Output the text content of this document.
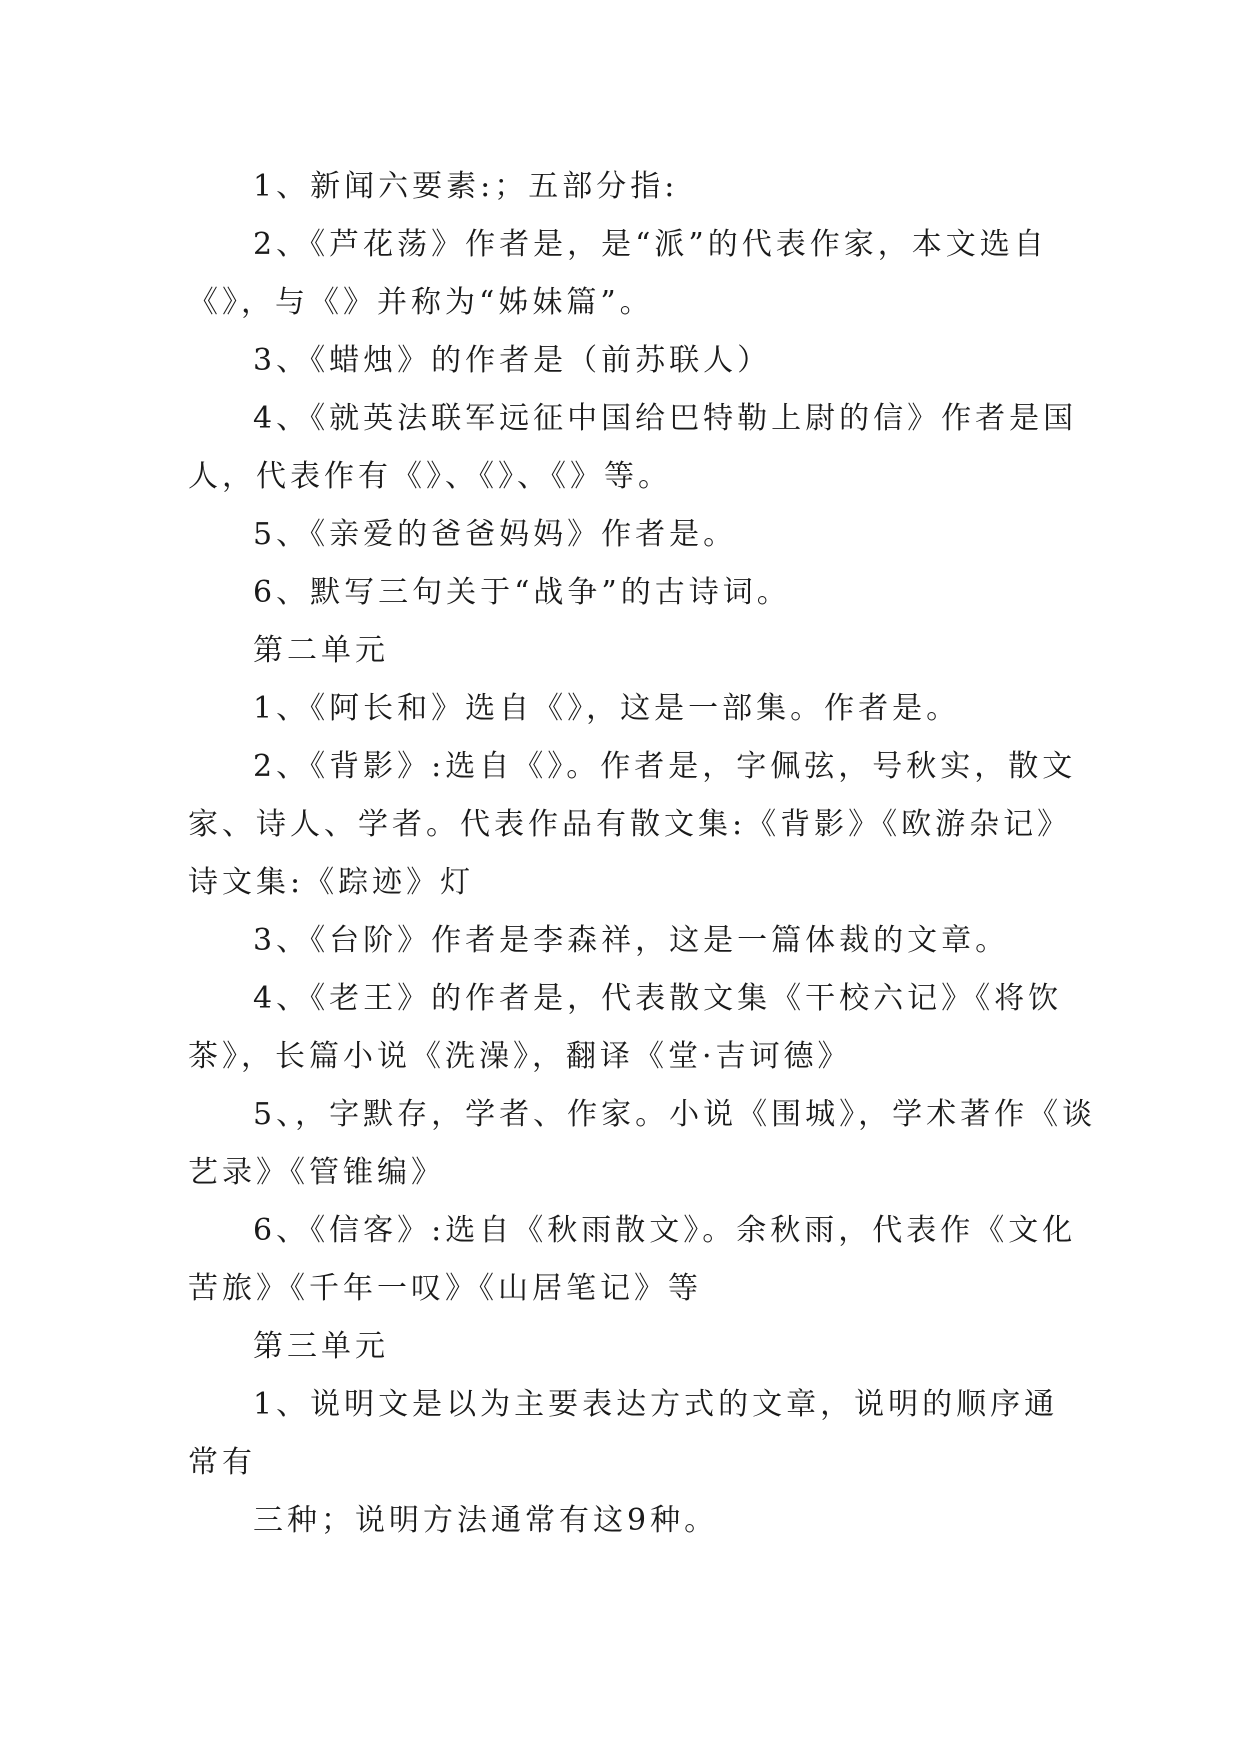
1、新闻六要素:；五部分指:
2、《芦花荡》作者是，是“派”的代表作家，本文选自
《》，与《》并称为“姊妹篇”。
3、《蜡烛》的作者是（前苏联人）
4、《就英法联军远征中国给巴特勒上尉的信》作者是国
人，代表作有《》、《》、《》等。
5、《亲爱的爸爸妈妈》作者是。
6、默写三句关于“战争”的古诗词。
第二单元
1、《阿长和》选自《》，这是一部集。作者是。
2、《背影》:选自《》。作者是，字佩弦，号秋实，散文
家、诗人、学者。代表作品有散文集:《背影》《欧游杂记》
诗文集:《踪迹》灯
3、《台阶》作者是李森祥，这是一篇体裁的文章。
4、《老王》的作者是，代表散文集《干校六记》《将饮
茶》，长篇小说《洗澡》，翻译《堂·吉诃德》
5、，字默存，学者、作家。小说《围城》，学术著作《谈
艺录》《管锥编》
6、《信客》:选自《秋雨散文》。余秋雨，代表作《文化
苦旅》《千年一叹》《山居笔记》等
第三单元
1、说明文是以为主要表达方式的文章，说明的顺序通
常有
三种；说明方法通常有这9种。
